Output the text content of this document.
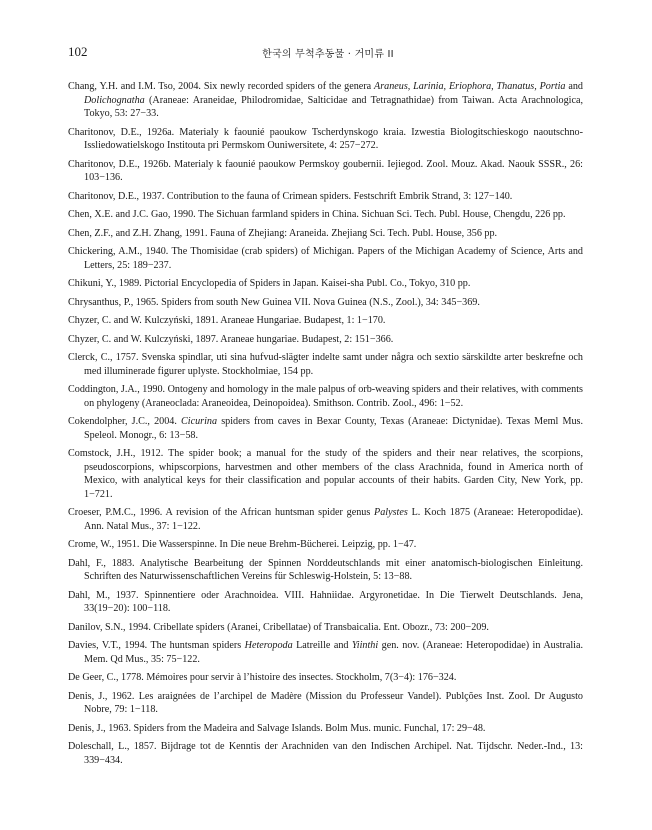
102	한국의 무척추동물 · 거미류 II

Chang, Y.H. and I.M. Tso, 2004. Six newly recorded spiders of the genera Araneus, Larinia, Eriophora, Thanatus, Portia and Dolichognatha (Araneae: Araneidae, Philodromidae, Salticidae and Tetragnathidae) from Taiwan. Acta Arachnologica, Tokyo, 53: 27−33.

Charitonov, D.E., 1926a. Materialy k faounié paoukow Tscherdynskogo kraia. Izwestia Biologitschieskogo naoutschno-Issliedowatielskogo Institouta pri Permskom Ouniwersitete, 4: 257−272.

Charitonov, D.E., 1926b. Materialy k faounié paoukow Permskoy goubernii. Iejiegod. Zool. Mouz. Akad. Naouk SSSR., 26: 103−136.

Charitonov, D.E., 1937. Contribution to the fauna of Crimean spiders. Festschrift Embrik Strand, 3: 127−140.

Chen, X.E. and J.C. Gao, 1990. The Sichuan farmland spiders in China. Sichuan Sci. Tech. Publ. House, Chengdu, 226 pp.

Chen, Z.F., and Z.H. Zhang, 1991. Fauna of Zhejiang: Araneida. Zhejiang Sci. Tech. Publ. House, 356 pp.

Chickering, A.M., 1940. The Thomisidae (crab spiders) of Michigan. Papers of the Michigan Academy of Science, Arts and Letters, 25: 189−237.

Chikuni, Y., 1989. Pictorial Encyclopedia of Spiders in Japan. Kaisei-sha Publ. Co., Tokyo, 310 pp.

Chrysanthus, P., 1965. Spiders from south New Guinea VII. Nova Guinea (N.S., Zool.), 34: 345−369.

Chyzer, C. and W. Kulczyński, 1891. Araneae Hungariae. Budapest, 1: 1−170.

Chyzer, C. and W. Kulczyński, 1897. Araneae hungariae. Budapest, 2: 151−366.

Clerck, C., 1757. Svenska spindlar, uti sina hufvud-slägter indelte samt under några och sextio särskildte arter beskrefne och med illuminerade figurer uplyste. Stockholmiae, 154 pp.

Coddington, J.A., 1990. Ontogeny and homology in the male palpus of orb-weaving spiders and their relatives, with comments on phylogeny (Araneoclada: Araneoidea, Deinopoidea). Smithson. Contrib. Zool., 496: 1−52.

Cokendolpher, J.C., 2004. Cicurina spiders from caves in Bexar County, Texas (Araneae: Dictynidae). Texas Meml Mus. Speleol. Monogr., 6: 13−58.

Comstock, J.H., 1912. The spider book; a manual for the study of the spiders and their near relatives, the scorpions, pseudoscorpions, whipscorpions, harvestmen and other members of the class Arachnida, found in America north of Mexico, with analytical keys for their classification and popular accounts of their habits. Garden City, New York, pp. 1−721.

Croeser, P.M.C., 1996. A revision of the African huntsman spider genus Palystes L. Koch 1875 (Araneae: Heteropodidae). Ann. Natal Mus., 37: 1−122.

Crome, W., 1951. Die Wasserspinne. In Die neue Brehm-Bücherei. Leipzig, pp. 1−47.

Dahl, F., 1883. Analytische Bearbeitung der Spinnen Norddeutschlands mit einer anatomisch-biologischen Einleitung. Schriften des Naturwissenschaftlichen Vereins für Schleswig-Holstein, 5: 13−88.

Dahl, M., 1937. Spinnentiere oder Arachnoidea. VIII. Hahniidae. Argyronetidae. In Die Tierwelt Deutschlands. Jena, 33(19−20): 100−118.

Danilov, S.N., 1994. Cribellate spiders (Aranei, Cribellatae) of Transbaicalia. Ent. Obozr., 73: 200−209.

Davies, V.T., 1994. The huntsman spiders Heteropoda Latreille and Yiinthi gen. nov. (Araneae: Heteropodidae) in Australia. Mem. Qd Mus., 35: 75−122.

De Geer, C., 1778. Mémoires pour servir à l’histoire des insectes. Stockholm, 7(3−4): 176−324.

Denis, J., 1962. Les araignées de l’archipel de Madère (Mission du Professeur Vandel). Publções Inst. Zool. Dr Augusto Nobre, 79: 1−118.

Denis, J., 1963. Spiders from the Madeira and Salvage Islands. Bolm Mus. munic. Funchal, 17: 29−48.

Doleschall, L., 1857. Bijdrage tot de Kenntis der Arachniden van den Indischen Archipel. Nat. Tijdschr. Neder.-Ind., 13: 339−434.
